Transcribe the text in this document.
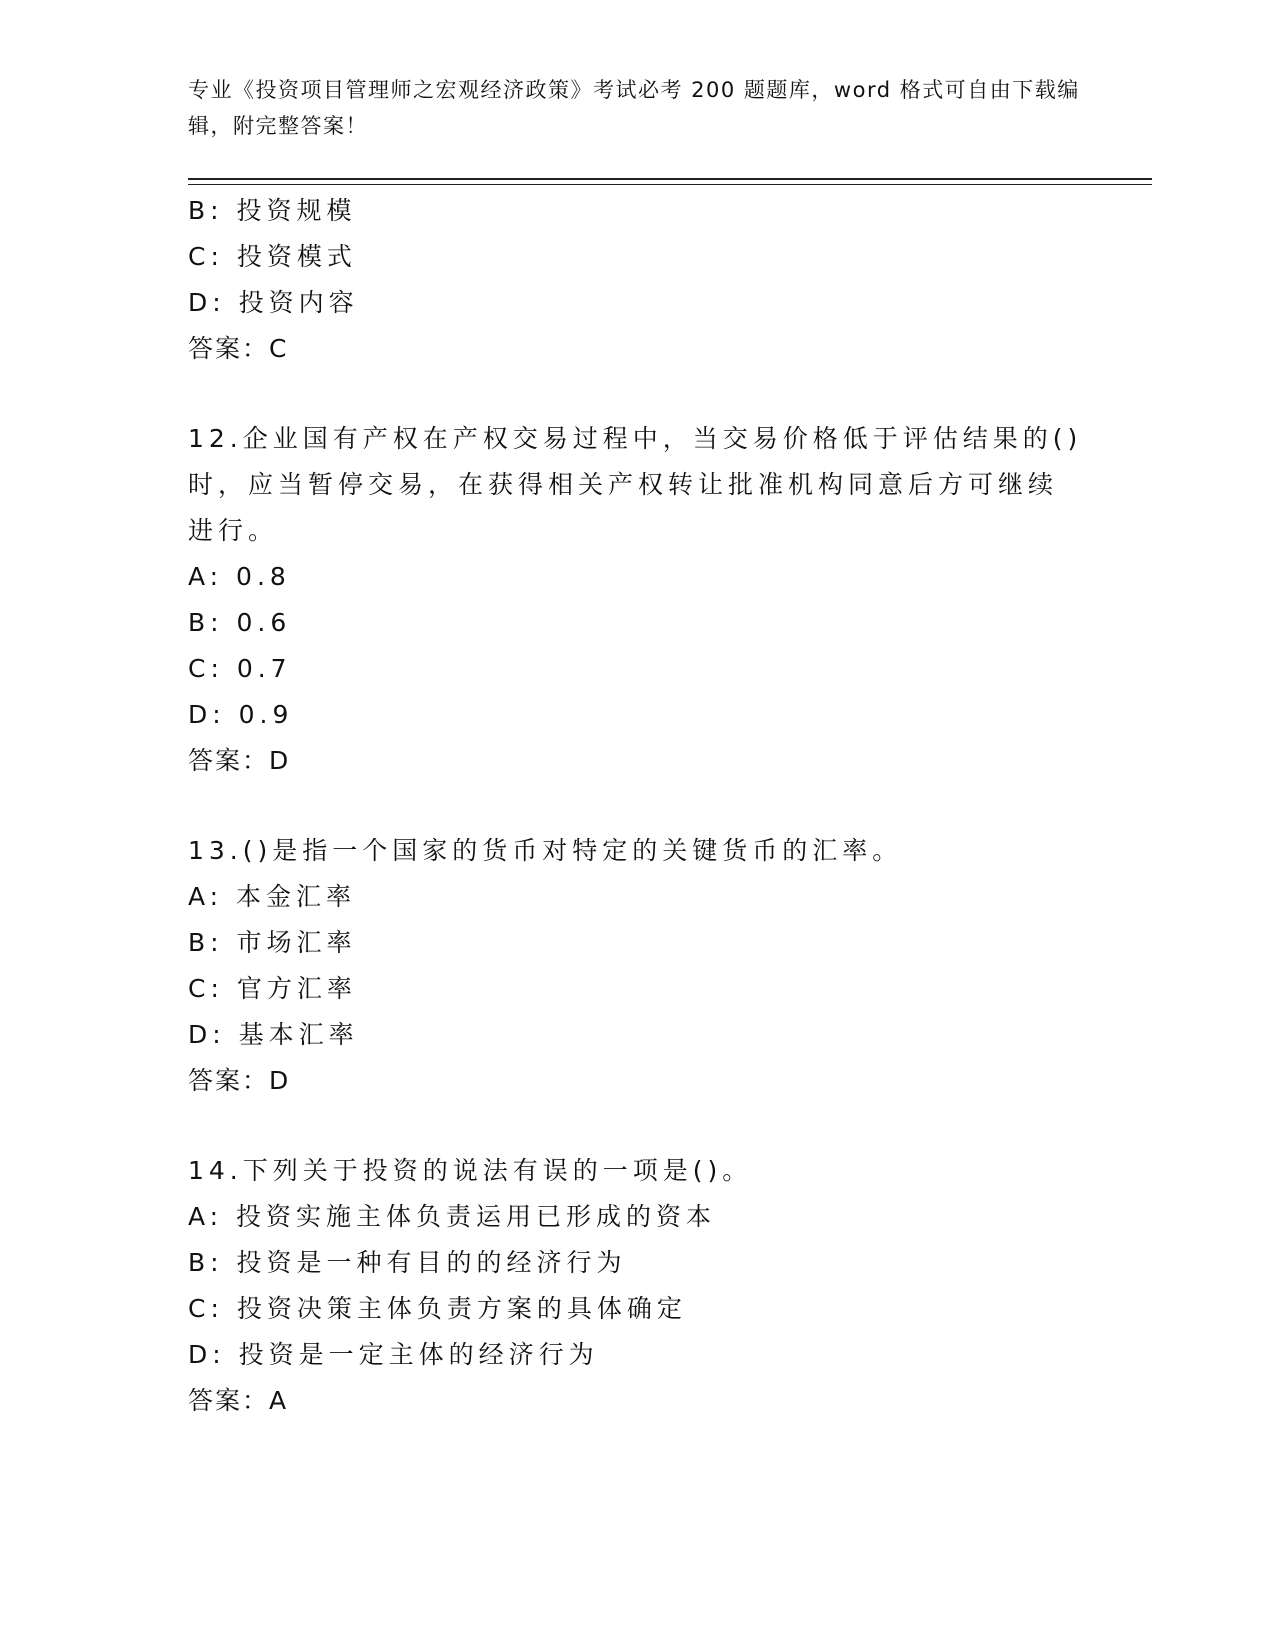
专业《投资项目管理师之宏观经济政策》考试必考 200 题题库，word 格式可自由下载编辑，附完整答案！
B: 投资规模
C: 投资模式
D: 投资内容
答案：C
12.企业国有产权在产权交易过程中，当交易价格低于评估结果的()时，应当暂停交易，在获得相关产权转让批准机构同意后方可继续进行。
A: 0.8
B: 0.6
C: 0.7
D: 0.9
答案：D
13.()是指一个国家的货币对特定的关键货币的汇率。
A: 本金汇率
B: 市场汇率
C: 官方汇率
D: 基本汇率
答案：D
14.下列关于投资的说法有误的一项是()。
A: 投资实施主体负责运用已形成的资本
B: 投资是一种有目的的经济行为
C: 投资决策主体负责方案的具体确定
D: 投资是一定主体的经济行为
答案：A
